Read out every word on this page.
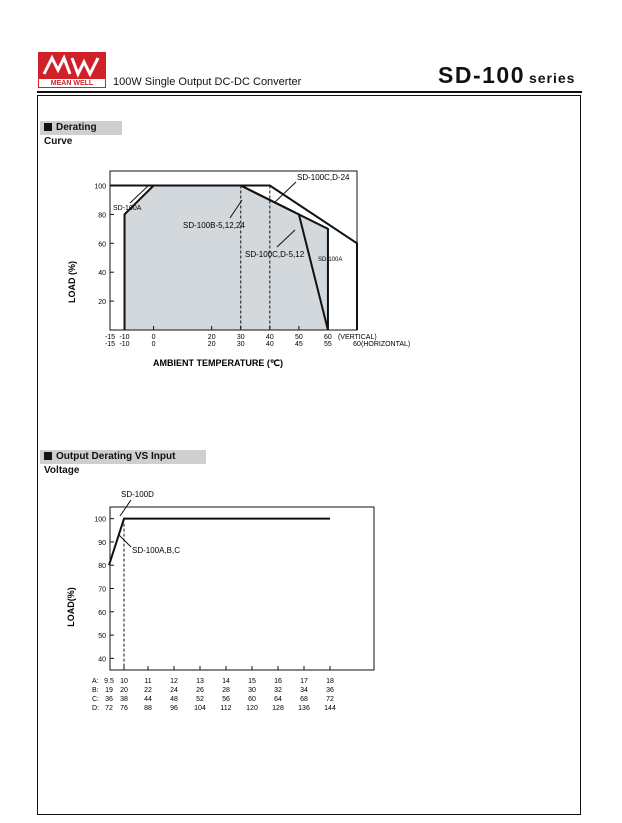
MEAN WELL	100W Single Output DC-DC Converter	SD-100 series
Derating Curve
Output Derating VS Input Voltage
20
40
60
80
100
-15 -10	0	20	30	40	50	60
-15 -10	0	20	30	40	45	55	60
(VERTICAL)
(HORIZONTAL)
SD-100C,D-24
SD-100A
SD-100B-5,12,24
SD-100C,D-5,12
SD-100A
LOAD (%)
AMBIENT TEMPERATURE (℃)
40
50
60
70
80
90
100
A: 9.5 10 11	12	13	14	15	16	17	18
B: 19 20 22	24	26	28	30	32	34	36
C: 36 38 44	48	52	56	60	64	68	72
D: 72 76 88	96 104 112 120 128 136 144
SD-100D
SD-100A,B,C
LOAD(%)
